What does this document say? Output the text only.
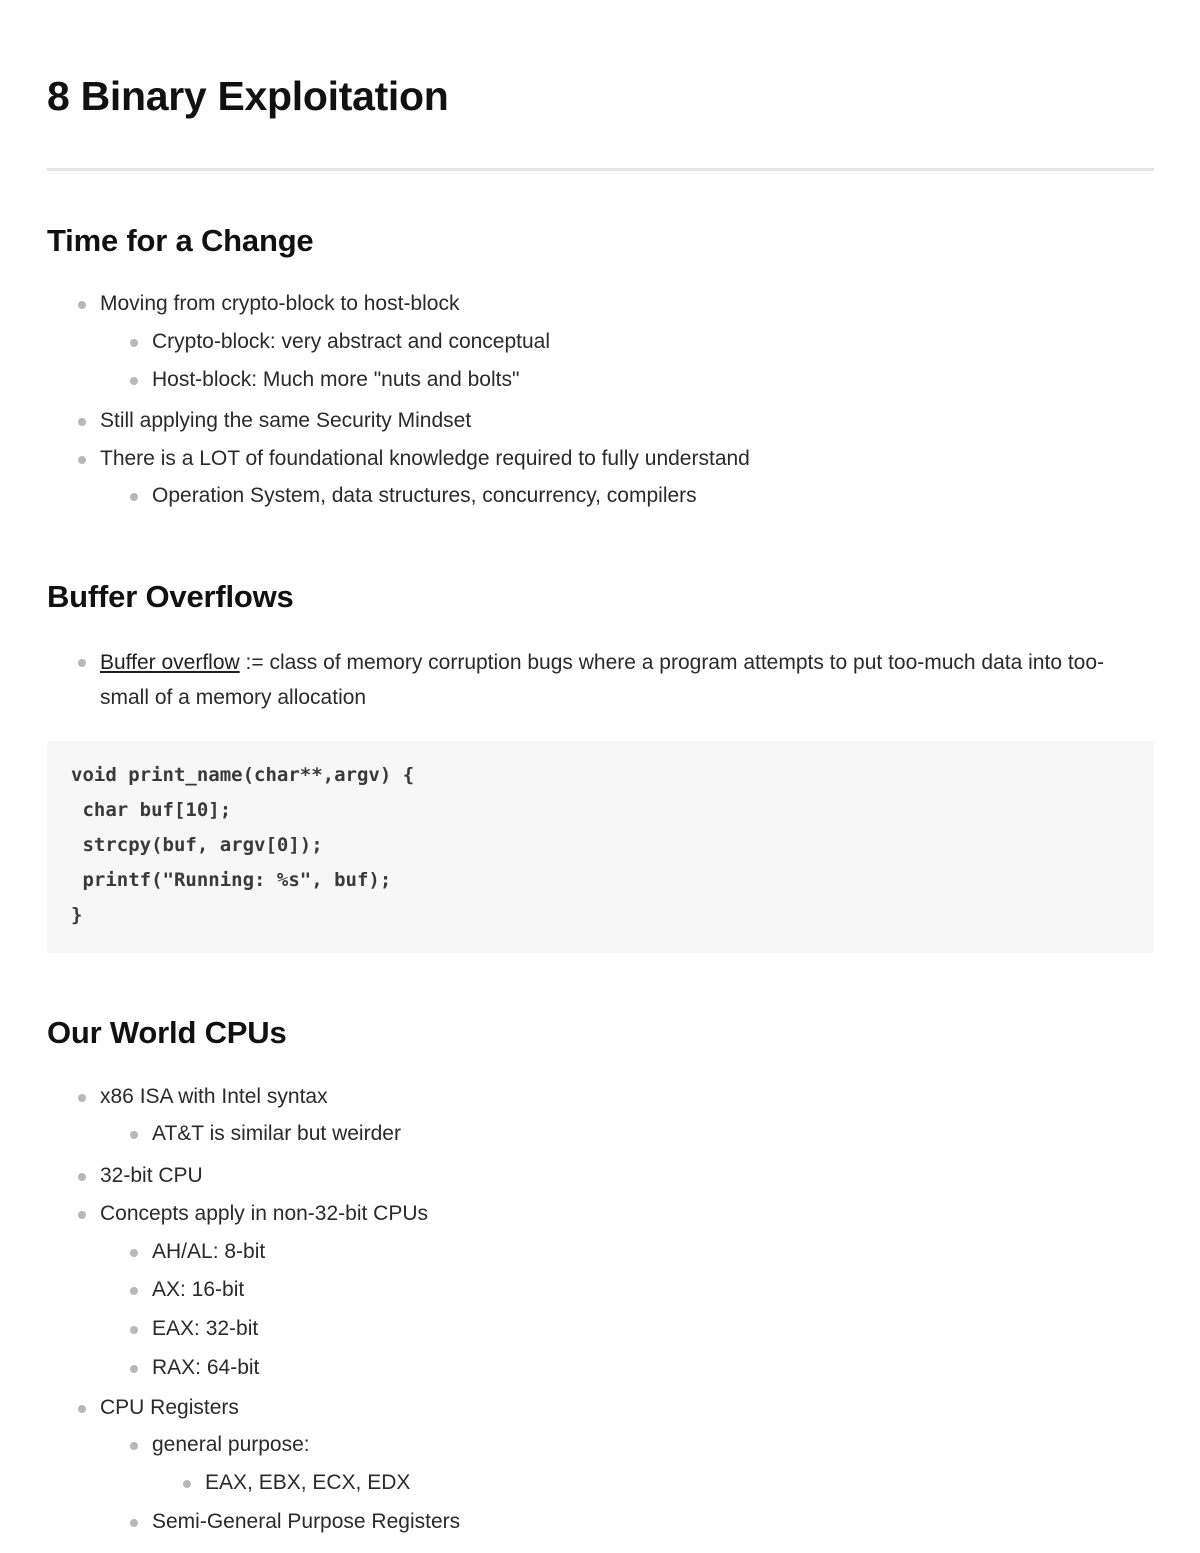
8 Binary Exploitation
Time for a Change
Moving from crypto-block to host-block
Crypto-block: very abstract and conceptual
Host-block: Much more "nuts and bolts"
Still applying the same Security Mindset
There is a LOT of foundational knowledge required to fully understand
Operation System, data structures, concurrency, compilers
Buffer Overflows
Buffer overflow := class of memory corruption bugs where a program attempts to put too-much data into too-small of a memory allocation
void print_name(char**,argv) {
char buf[10];
strcpy(buf, argv[0]);
printf("Running: %s", buf);
}
Our World CPUs
x86 ISA with Intel syntax
AT&T is similar but weirder
32-bit CPU
Concepts apply in non-32-bit CPUs
AH/AL: 8-bit
AX: 16-bit
EAX: 32-bit
RAX: 64-bit
CPU Registers
general purpose:
EAX, EBX, ECX, EDX
Semi-General Purpose Registers
